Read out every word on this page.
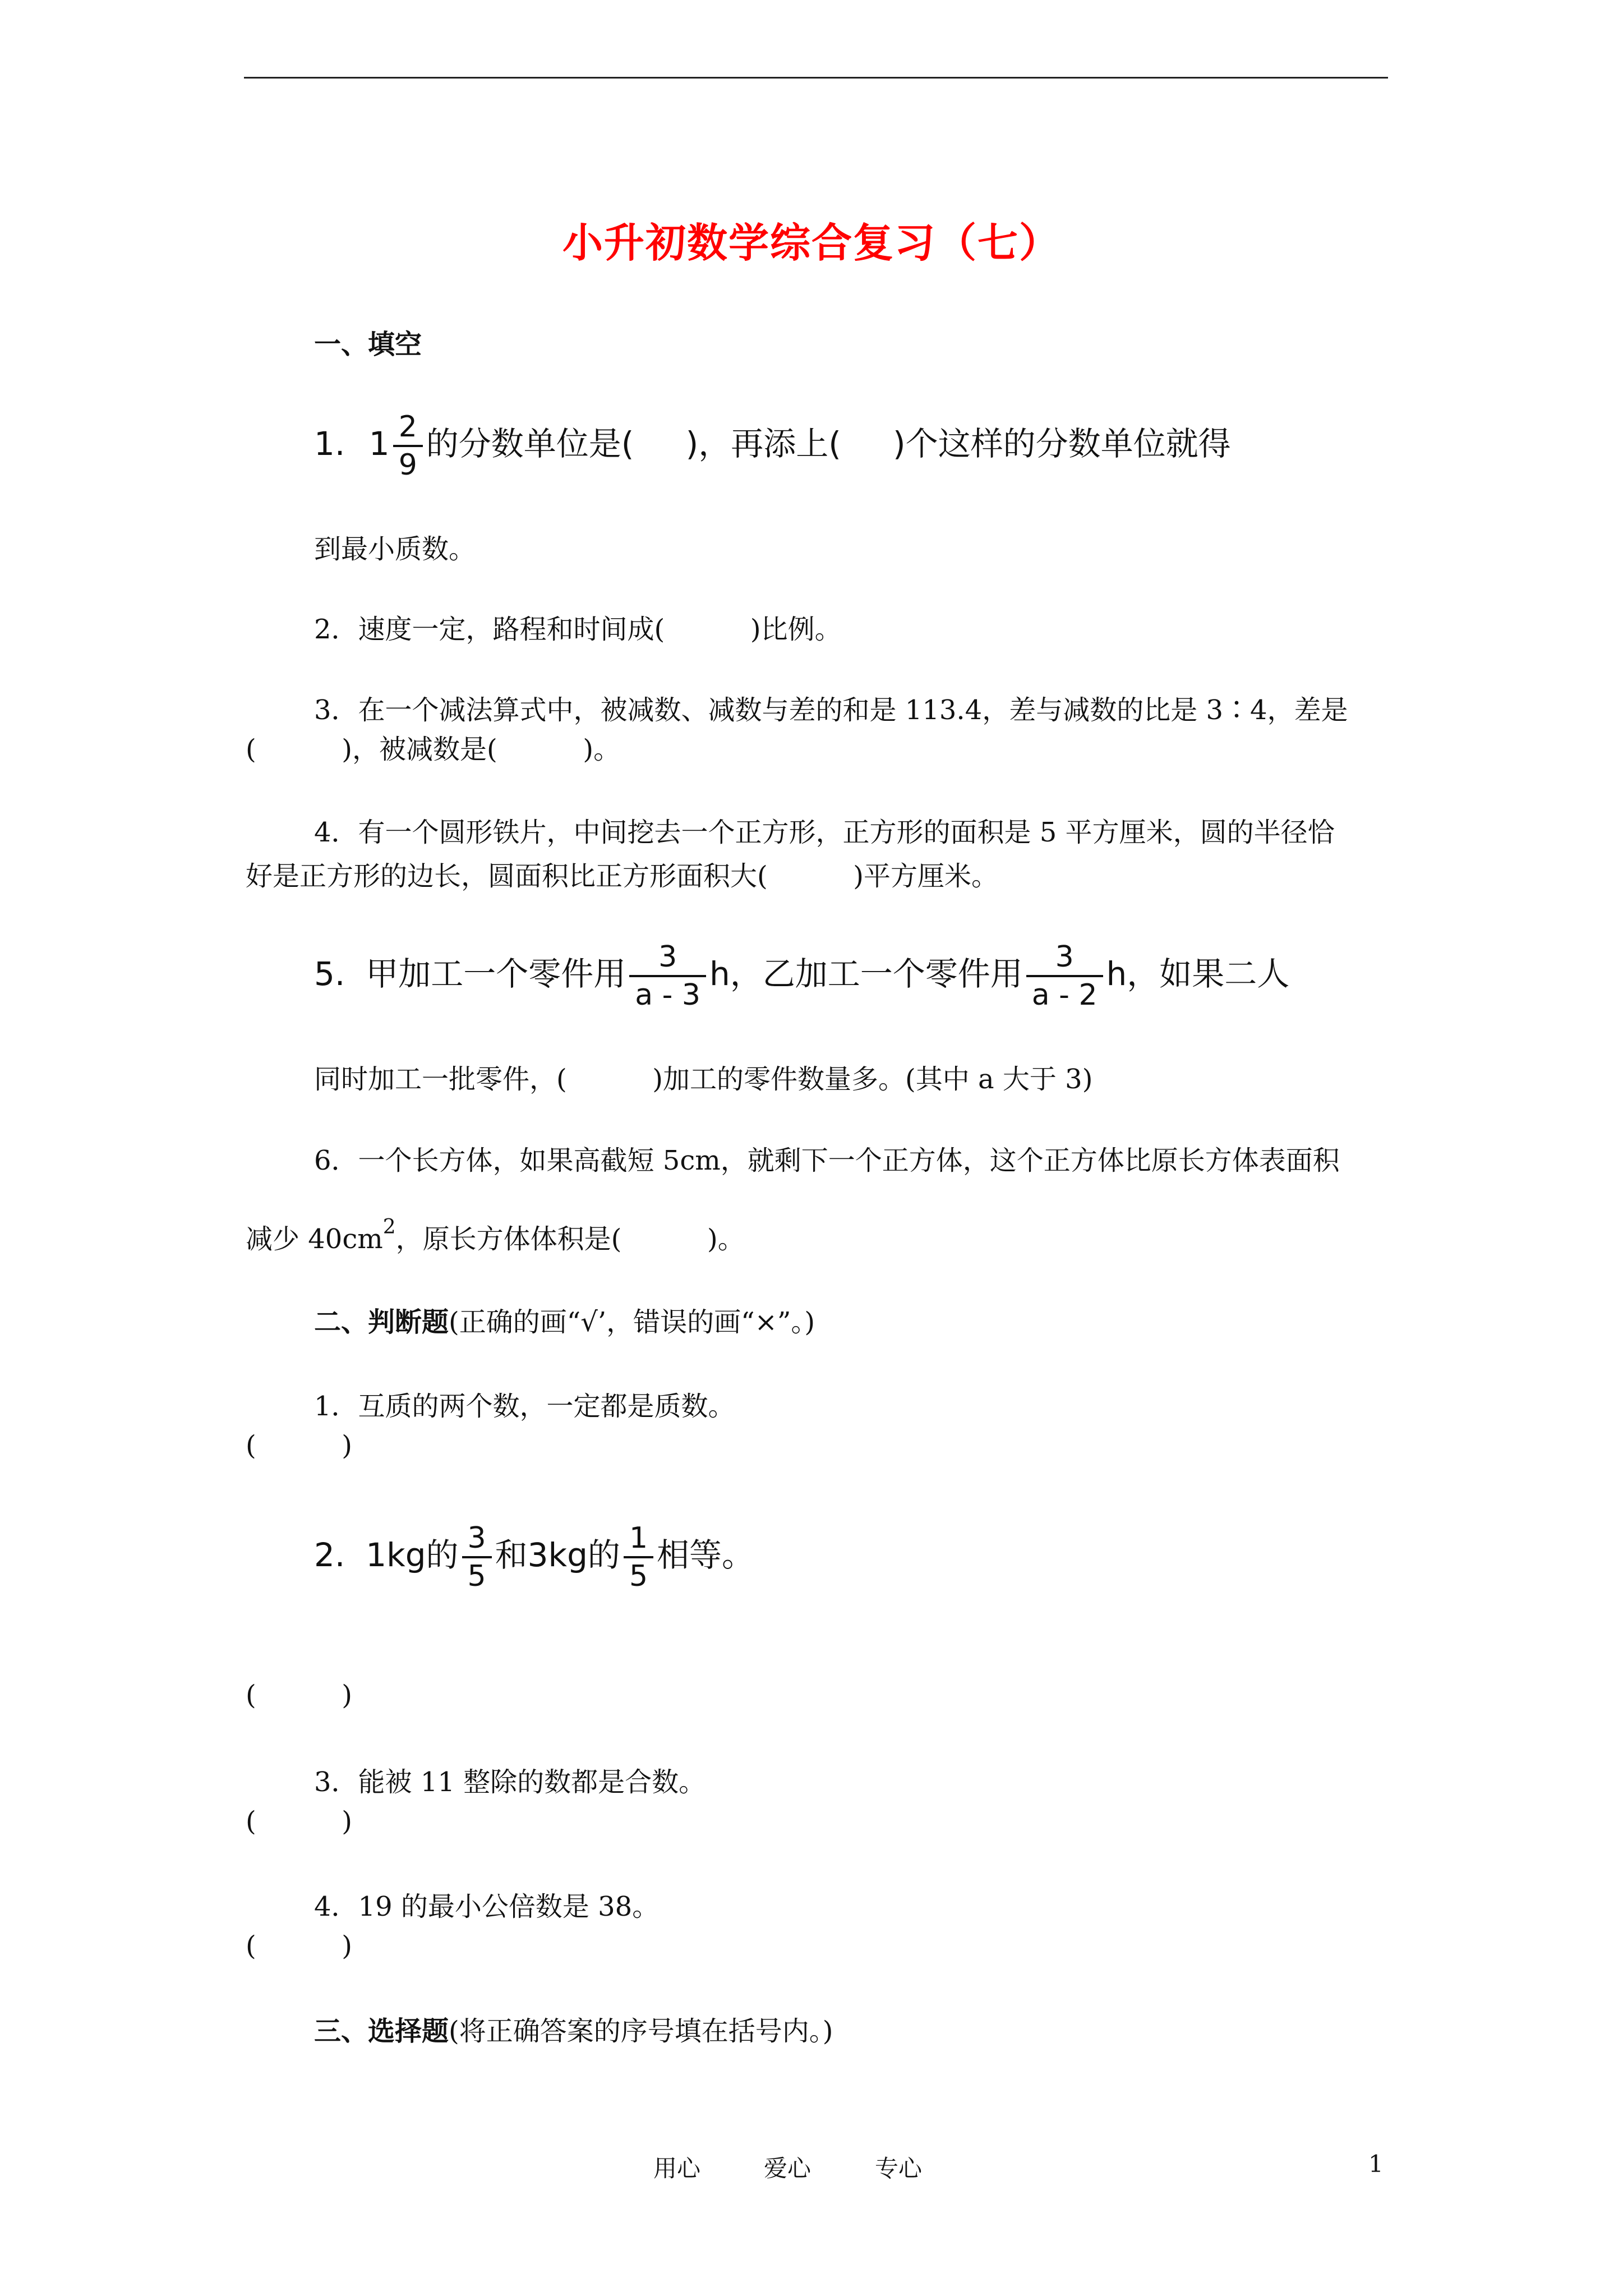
小升初数学综合复习（七）
一、填空
1. $1 \frac{2}{9}$ 的分数单位是(     )，再添上(     )个这样的分数单位就得
到最小质数。
2．速度一定，路程和时间成(          )比例。
3．在一个减法算式中，被减数、减数与差的和是 113.4，差与减数的比是 3∶4，差是
(          )，被减数是(          )。
4．有一个圆形铁片，中间挖去一个正方形，正方形的面积是 5 平方厘米，圆的半径恰
好是正方形的边长，圆面积比正方形面积大(          )平方厘米。
5.  甲加工一个零件用 $\frac{3}{a - 3}$ h，乙加工一个零件用 $\frac{3}{a - 2}$ h，如果二人
同时加工一批零件，(          )加工的零件数量多。(其中 a 大于 3)
6．一个长方体，如果高截短 5cm，就剩下一个正方体，这个正方体比原长方体表面积
减少 $40cm^2$，原长方体体积是(          )。
二、判断题(正确的画“√’，错误的画“×”。)
1．互质的两个数，一定都是质数。
(          )
2.  1kg的 $\frac{3}{5}$ 和3kg的 $\frac{1}{5}$ 相等。
(          )
3．能被 11 整除的数都是合数。
(          )
4．19 的最小公倍数是 38。
(          )
三、选择题(将正确答案的序号填在括号内。)
用心	爱心	专心	1
